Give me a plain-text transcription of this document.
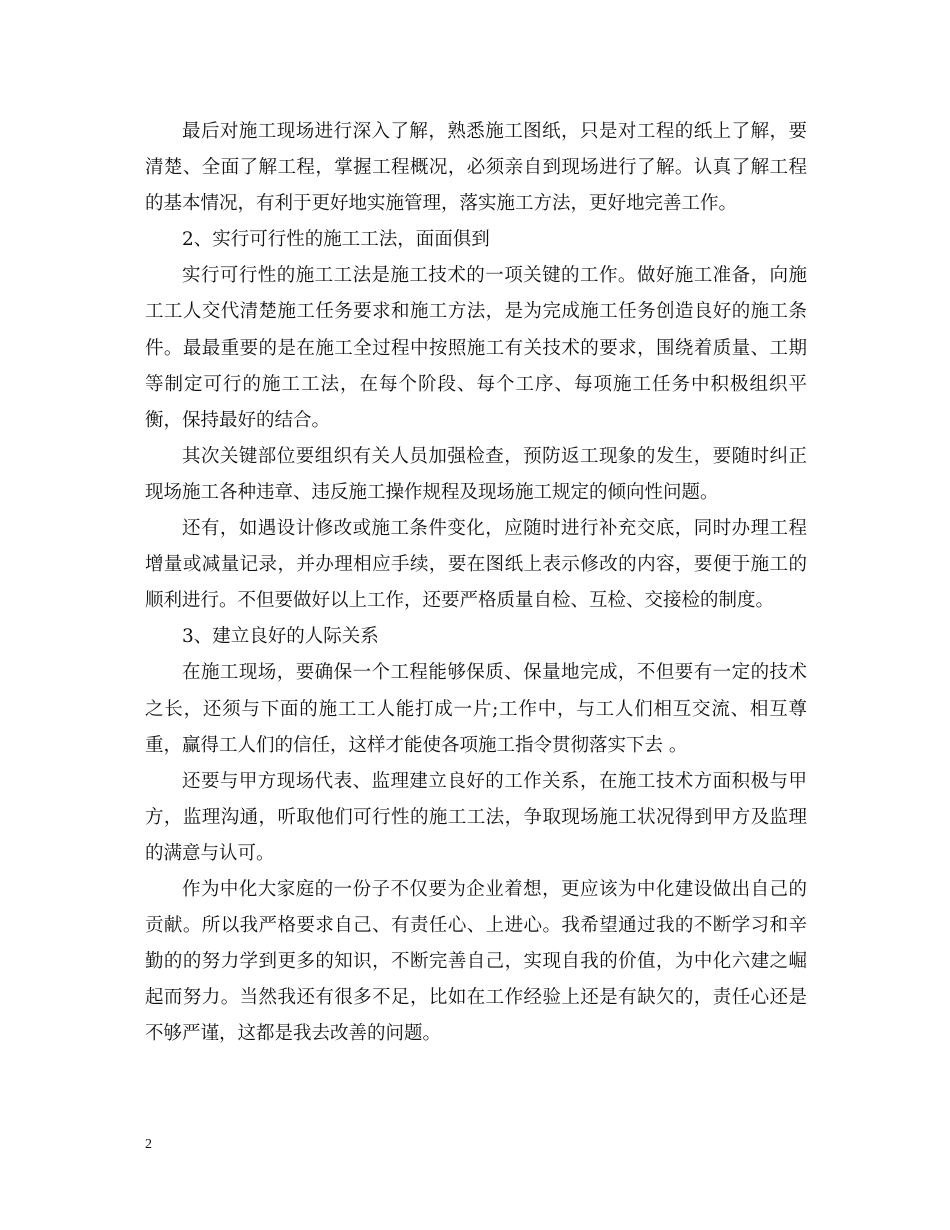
最后对施工现场进行深入了解，熟悉施工图纸，只是对工程的纸上了解，要清楚、全面了解工程，掌握工程概况，必须亲自到现场进行了解。认真了解工程的基本情况，有利于更好地实施管理，落实施工方法，更好地完善工作。

2、实行可行性的施工工法，面面俱到

实行可行性的施工工法是施工技术的一项关键的工作。做好施工准备，向施工工人交代清楚施工任务要求和施工方法，是为完成施工任务创造良好的施工条件。最最重要的是在施工全过程中按照施工有关技术的要求，围绕着质量、工期等制定可行的施工工法，在每个阶段、每个工序、每项施工任务中积极组织平衡，保持最好的结合。

其次关键部位要组织有关人员加强检查，预防返工现象的发生，要随时纠正现场施工各种违章、违反施工操作规程及现场施工规定的倾向性问题。

还有，如遇设计修改或施工条件变化，应随时进行补充交底，同时办理工程增量或减量记录，并办理相应手续，要在图纸上表示修改的内容，要便于施工的顺利进行。不但要做好以上工作，还要严格质量自检、互检、交接检的制度。

3、建立良好的人际关系

在施工现场，要确保一个工程能够保质、保量地完成，不但要有一定的技术之长，还须与下面的施工工人能打成一片;工作中，与工人们相互交流、相互尊重，赢得工人们的信任，这样才能使各项施工指令贯彻落实下去 。

还要与甲方现场代表、监理建立良好的工作关系，在施工技术方面积极与甲方，监理沟通，听取他们可行性的施工工法，争取现场施工状况得到甲方及监理的满意与认可。

作为中化大家庭的一份子不仅要为企业着想，更应该为中化建设做出自己的贡献。所以我严格要求自己、有责任心、上进心。我希望通过我的不断学习和辛勤的的努力学到更多的知识，不断完善自己，实现自我的价值，为中化六建之崛起而努力。当然我还有很多不足，比如在工作经验上还是有缺欠的，责任心还是不够严谨，这都是我去改善的问题。

2
